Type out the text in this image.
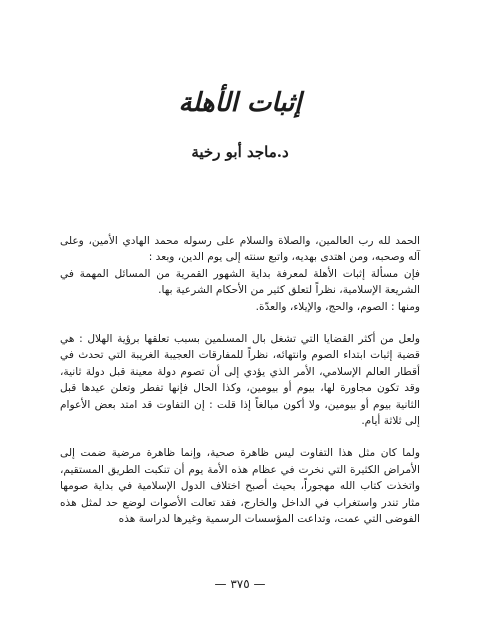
إثبات الأهلة
د.ماجد أبو رخية

الحمد لله رب العالمين، والصلاة والسلام على رسوله محمد الهادي الأمين، وعلى آله وصحبه، ومن اهتدى بهديه، واتبع سنته إلى يوم الدين، وبعد :

فإن مسألة إثبات الأهلة لمعرفة بداية الشهور القمرية من المسائل المهمة في الشريعة الإسلامية، نظراً لتعلق كثير من الأحكام الشرعية بها.

ومنها : الصوم، والحج، والإيلاء، والعدّة.

ولعل من أكثر القضايا التي تشغل بال المسلمين بسبب تعلقها برؤية الهلال : هي قضية إثبات ابتداء الصوم وانتهائه، نظراً للمفارقات العجيبة الغريبة التي تحدث في أقطار العالم الإسلامي، الأمر الذي يؤدي إلى أن تصوم دولة معينة قبل دولة ثانية، وقد تكون مجاورة لها، بيوم أو بيومين، وكذا الحال فإنها تفطر وتعلن عيدها قبل الثانية بيوم أو بيومين، ولا أكون مبالغاً إذا قلت : إن التفاوت قد امتد بعض الأعوام إلى ثلاثة أيام.

ولما كان مثل هذا التفاوت ليس ظاهرة صحية، وإنما ظاهرة مرضية ضمت إلى الأمراض الكثيرة التي نخرت في عظام هذه الأمة يوم أن تنكبت الطريق المستقيم، واتخذت كتاب الله مهجوراً، بحيث أصبح اختلاف الدول الإسلامية في بداية صومها مثار تندر واستغراب في الداخل والخارج، فقد تعالت الأصوات لوضع حد لمثل هذه الفوضى التي عمت، وتداعت المؤسسات الرسمية وغيرها لدراسة هذه

— ٣٧٥ —
